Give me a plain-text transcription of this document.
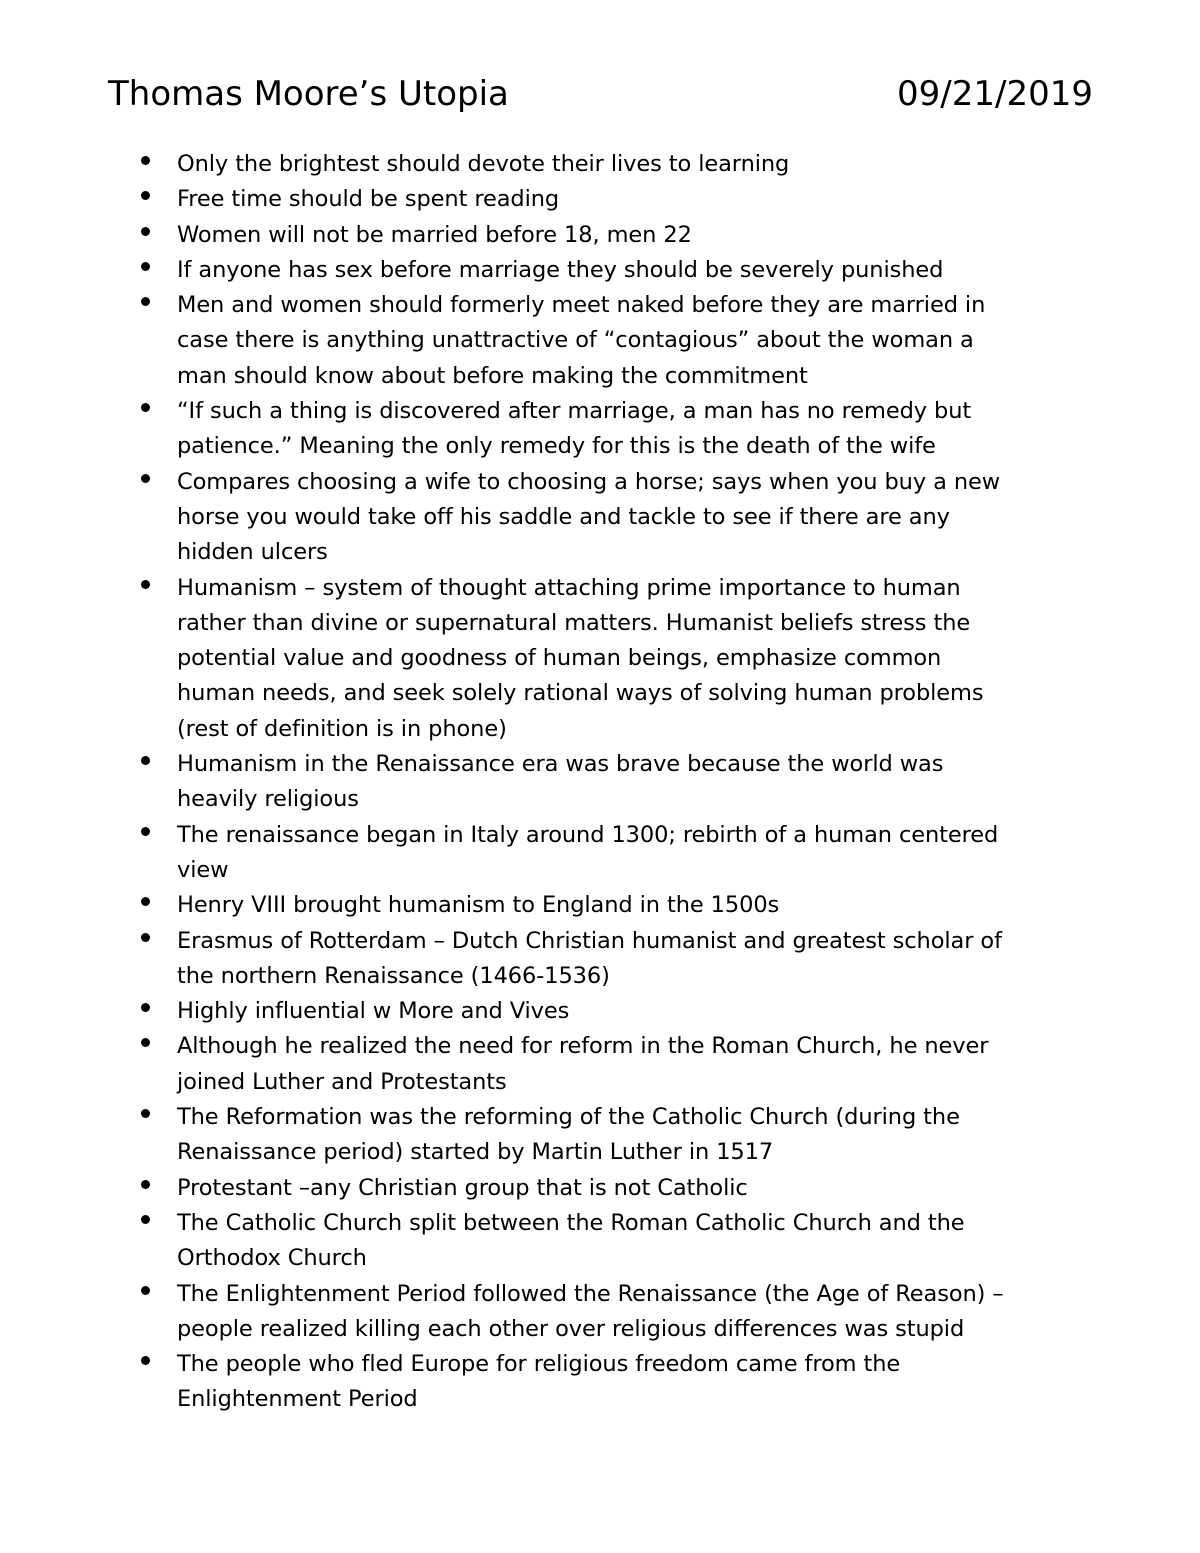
Thomas Moore’s Utopia	09/21/2019
Only the brightest should devote their lives to learning
Free time should be spent reading
Women will not be married before 18, men 22
If anyone has sex before marriage they should be severely punished
Men and women should formerly meet naked before they are married in
case there is anything unattractive of “contagious” about the woman a
man should know about before making the commitment
“If such a thing is discovered after marriage, a man has no remedy but
patience.” Meaning the only remedy for this is the death of the wife
Compares choosing a wife to choosing a horse; says when you buy a new
horse you would take off his saddle and tackle to see if there are any
hidden ulcers
Humanism – system of thought attaching prime importance to human
rather than divine or supernatural matters. Humanist beliefs stress the
potential value and goodness of human beings, emphasize common
human needs, and seek solely rational ways of solving human problems
(rest of definition is in phone)
Humanism in the Renaissance era was brave because the world was
heavily religious
The renaissance began in Italy around 1300; rebirth of a human centered
view
Henry VIII brought humanism to England in the 1500s
Erasmus of Rotterdam – Dutch Christian humanist and greatest scholar of
the northern Renaissance (1466-1536)
Highly influential w More and Vives
Although he realized the need for reform in the Roman Church, he never
joined Luther and Protestants
The Reformation was the reforming of the Catholic Church (during the
Renaissance period) started by Martin Luther in 1517
Protestant –any Christian group that is not Catholic
The Catholic Church split between the Roman Catholic Church and the
Orthodox Church
The Enlightenment Period followed the Renaissance (the Age of Reason) –
people realized killing each other over religious differences was stupid
The people who fled Europe for religious freedom came from the
Enlightenment Period
